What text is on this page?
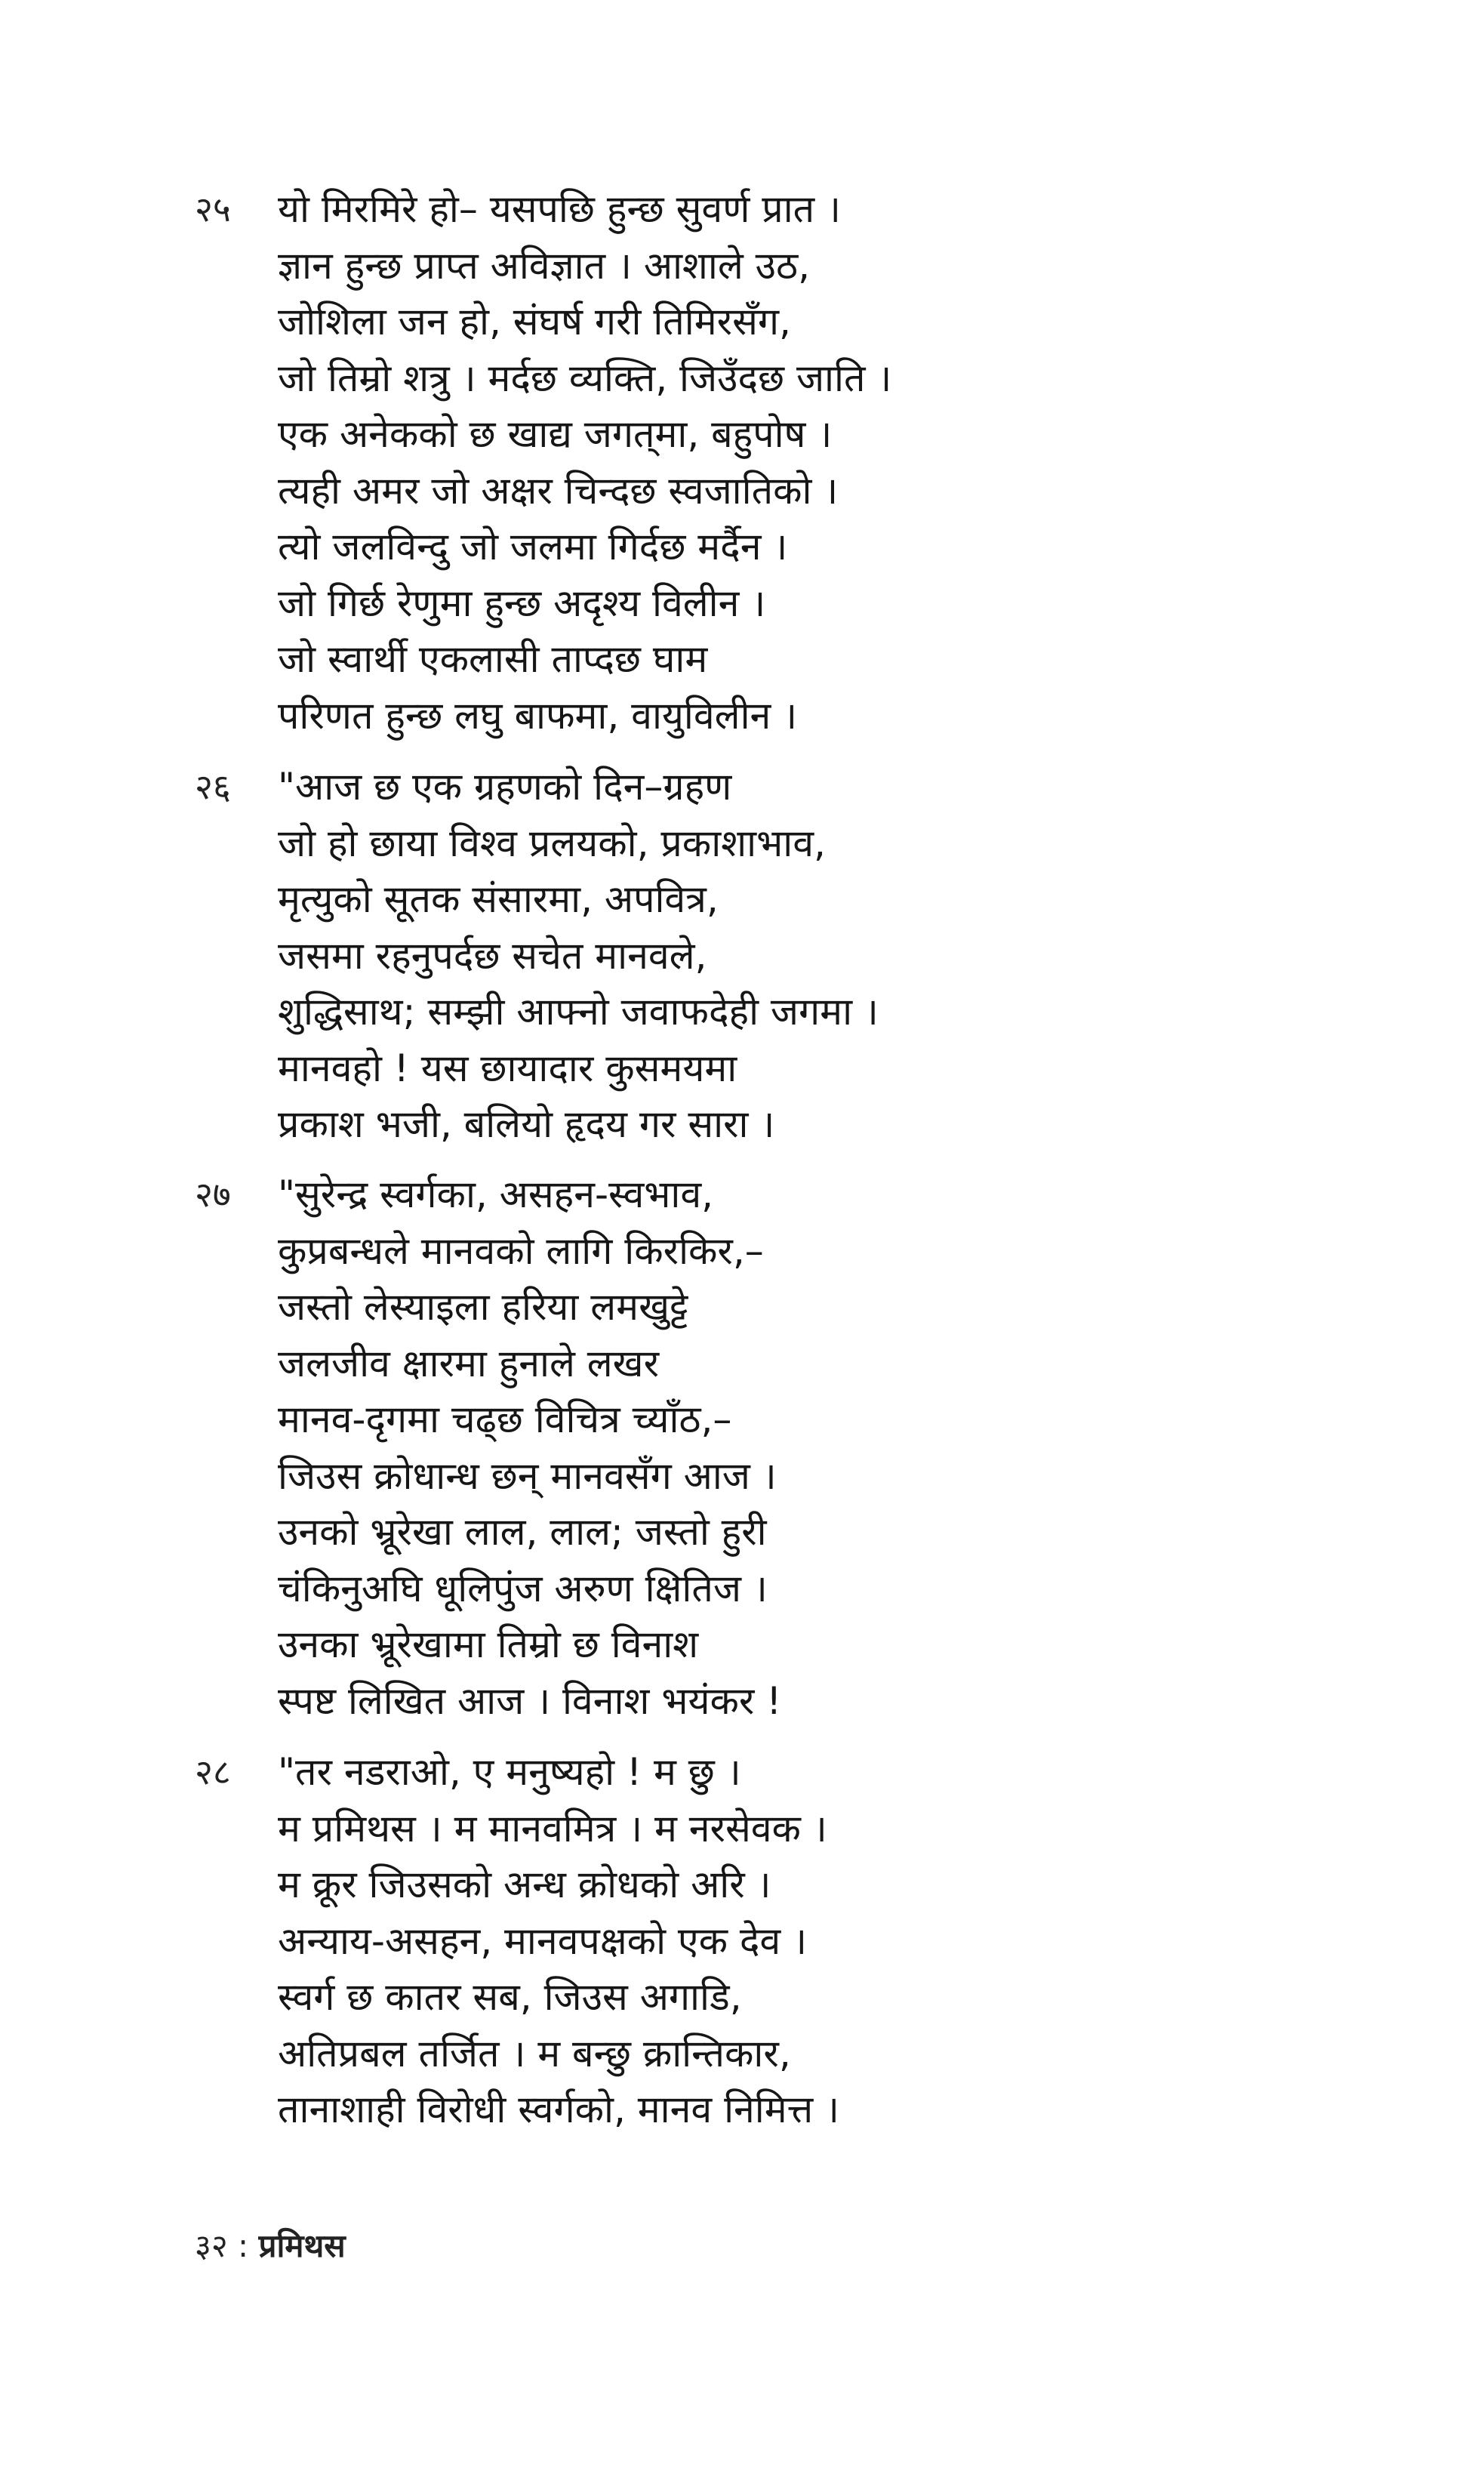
२५ यो मिरमिरे हो– यसपछि हुन्छ सुवर्ण प्रात ।
ज्ञान हुन्छ प्राप्त अविज्ञात । आशाले उठ,
जोशिला जन हो, संघर्ष गरी तिमिरसँग,
जो तिम्रो शत्रु । मर्दछ व्यक्ति, जिउँदछ जाति ।
एक अनेकको छ खाद्य जगत्‌मा, बहुपोष ।
त्यही अमर जो अक्षर चिन्दछ स्वजातिको ।
त्यो जलविन्दु जो जलमा गिर्दछ मर्दैन ।
जो गिर्छ रेणुमा हुन्छ अदृश्य विलीन ।
जो स्वार्थी एकलासी ताप्दछ घाम
परिणत हुन्छ लघु बाफमा, वायुविलीन ।
२६ "आज छ एक ग्रहणको दिन–ग्रहण
जो हो छाया विश्व प्रलयको, प्रकाशाभाव,
मृत्युको सूतक संसारमा, अपवित्र,
जसमा रहनुपर्दछ सचेत मानवले,
शुद्धिसाथ; सम्झी आफ्नो जवाफदेही जगमा ।
मानवहो ! यस छायादार कुसमयमा
प्रकाश भजी, बलियो हृदय गर सारा ।
२७ "सुरेन्द्र स्वर्गका, असहन-स्वभाव,
कुप्रबन्धले मानवको लागि किरकिर,–
जस्तो लेस्याइला हरिया लमखुट्टे
जलजीव क्षारमा हुनाले लखर
मानव-दृगमा चढ्छ विचित्र च्याँठ,–
जिउस क्रोधान्ध छन् मानवसँग आज ।
उनको भ्रूरेखा लाल, लाल; जस्तो हुरी
चंकिनुअघि धूलिपुंज अरुण क्षितिज ।
उनका भ्रूरेखामा तिम्रो छ विनाश
स्पष्ट लिखित आज । विनाश भयंकर !
२८ "तर नडराओ, ए मनुष्यहो ! म छु ।
म प्रमिथस । म मानवमित्र । म नरसेवक ।
म क्रूर जिउसको अन्ध क्रोधको अरि ।
अन्याय-असहन, मानवपक्षको एक देव ।
स्वर्ग छ कातर सब, जिउस अगाडि,
अतिप्रबल तर्जित । म बन्छु क्रान्तिकार,
तानाशाही विरोधी स्वर्गको, मानव निमित्त ।
३२ : प्रमिथस
